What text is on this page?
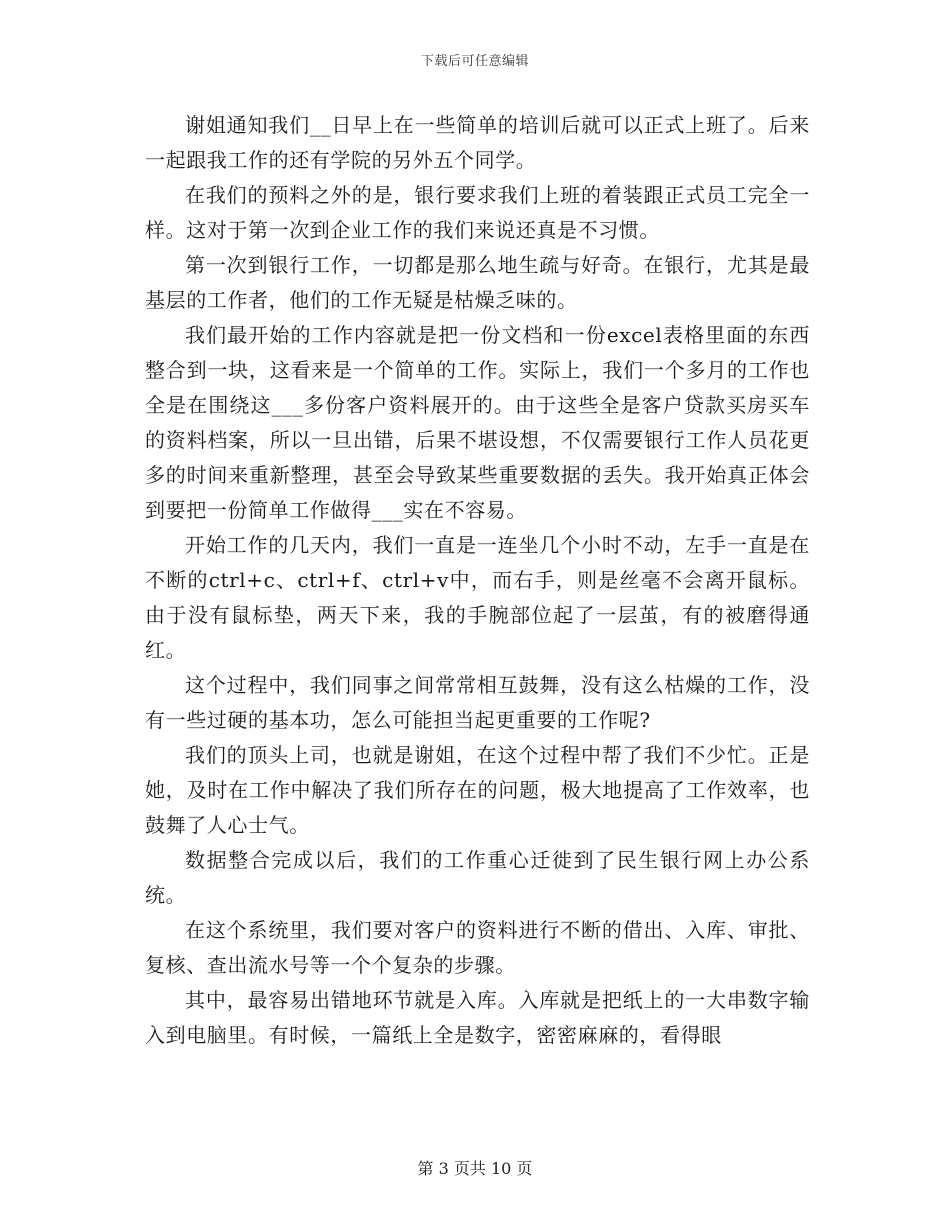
下载后可任意编辑

谢姐通知我们__日早上在一些简单的培训后就可以正式上班了。后来一起跟我工作的还有学院的另外五个同学。

在我们的预料之外的是，银行要求我们上班的着装跟正式员工完全一样。这对于第一次到企业工作的我们来说还真是不习惯。

第一次到银行工作，一切都是那么地生疏与好奇。在银行，尤其是最基层的工作者，他们的工作无疑是枯燥乏味的。

我们最开始的工作内容就是把一份文档和一份excel表格里面的东西整合到一块，这看来是一个简单的工作。实际上，我们一个多月的工作也全是在围绕这___多份客户资料展开的。由于这些全是客户贷款买房买车的资料档案，所以一旦出错，后果不堪设想，不仅需要银行工作人员花更多的时间来重新整理，甚至会导致某些重要数据的丢失。我开始真正体会到要把一份简单工作做得___实在不容易。

开始工作的几天内，我们一直是一连坐几个小时不动，左手一直是在不断的ctrl+c、ctrl+f、ctrl+v中，而右手，则是丝毫不会离开鼠标。由于没有鼠标垫，两天下来，我的手腕部位起了一层茧，有的被磨得通红。

这个过程中，我们同事之间常常相互鼓舞，没有这么枯燥的工作，没有一些过硬的基本功，怎么可能担当起更重要的工作呢?

我们的顶头上司，也就是谢姐，在这个过程中帮了我们不少忙。正是她，及时在工作中解决了我们所存在的问题，极大地提高了工作效率，也鼓舞了人心士气。

数据整合完成以后，我们的工作重心迁徙到了民生银行网上办公系统。

在这个系统里，我们要对客户的资料进行不断的借出、入库、审批、复核、查出流水号等一个个复杂的步骤。

其中，最容易出错地环节就是入库。入库就是把纸上的一大串数字输入到电脑里。有时候，一篇纸上全是数字，密密麻麻的，看得眼

第 3 页共 10 页
